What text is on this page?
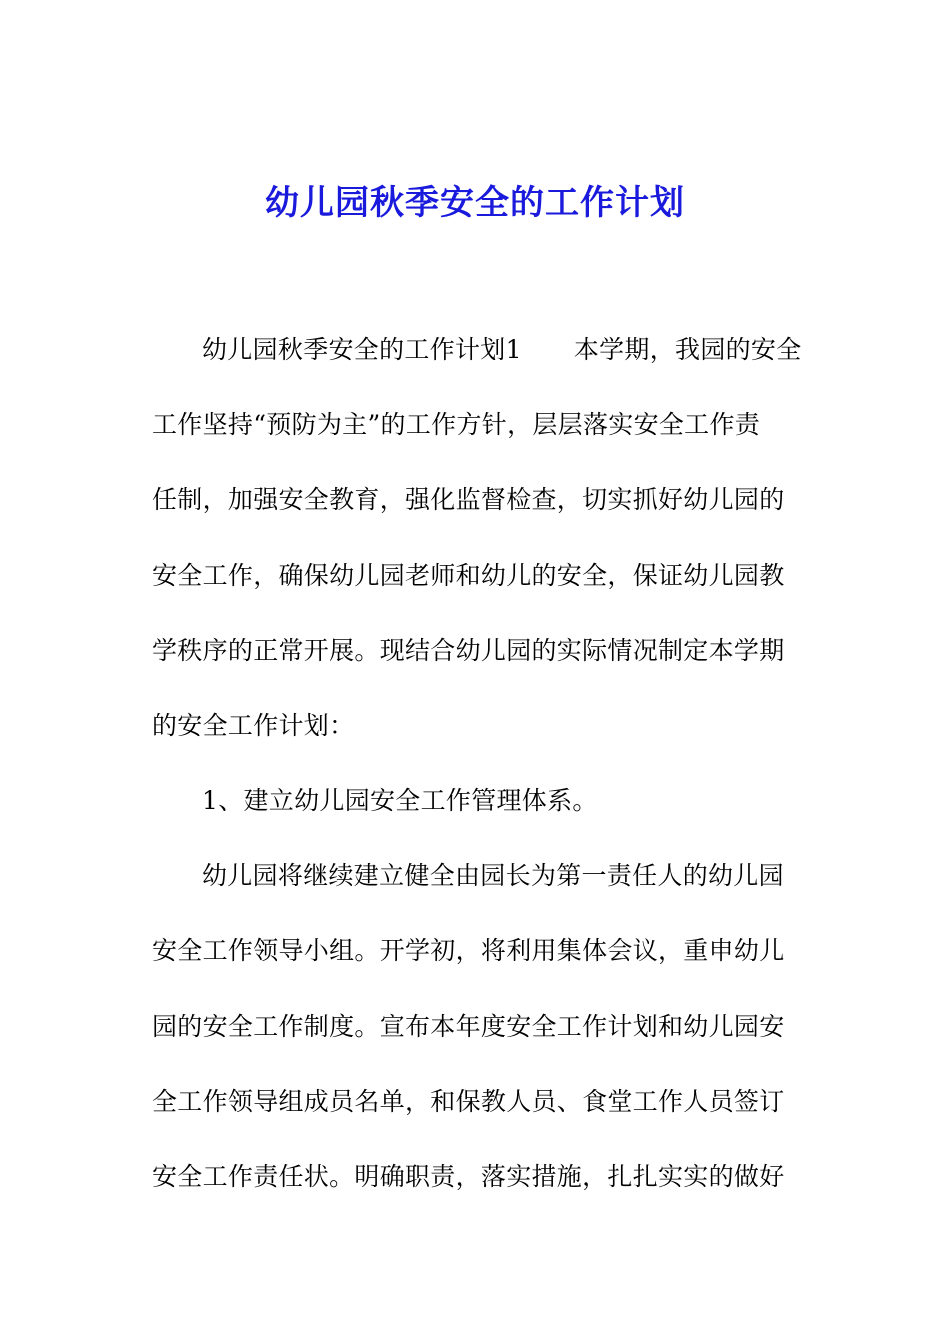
幼儿园秋季安全的工作计划
幼儿园秋季安全的工作计划1 本学期，我园的安全
工作坚持“预防为主”的工作方针，层层落实安全工作责
任制，加强安全教育，强化监督检查，切实抓好幼儿园的
安全工作，确保幼儿园老师和幼儿的安全，保证幼儿园教
学秩序的正常开展。现结合幼儿园的实际情况制定本学期
的安全工作计划：
1、建立幼儿园安全工作管理体系。
幼儿园将继续建立健全由园长为第一责任人的幼儿园
安全工作领导小组。开学初，将利用集体会议，重申幼儿
园的安全工作制度。宣布本年度安全工作计划和幼儿园安
全工作领导组成员名单，和保教人员、食堂工作人员签订
安全工作责任状。明确职责，落实措施，扎扎实实的做好
